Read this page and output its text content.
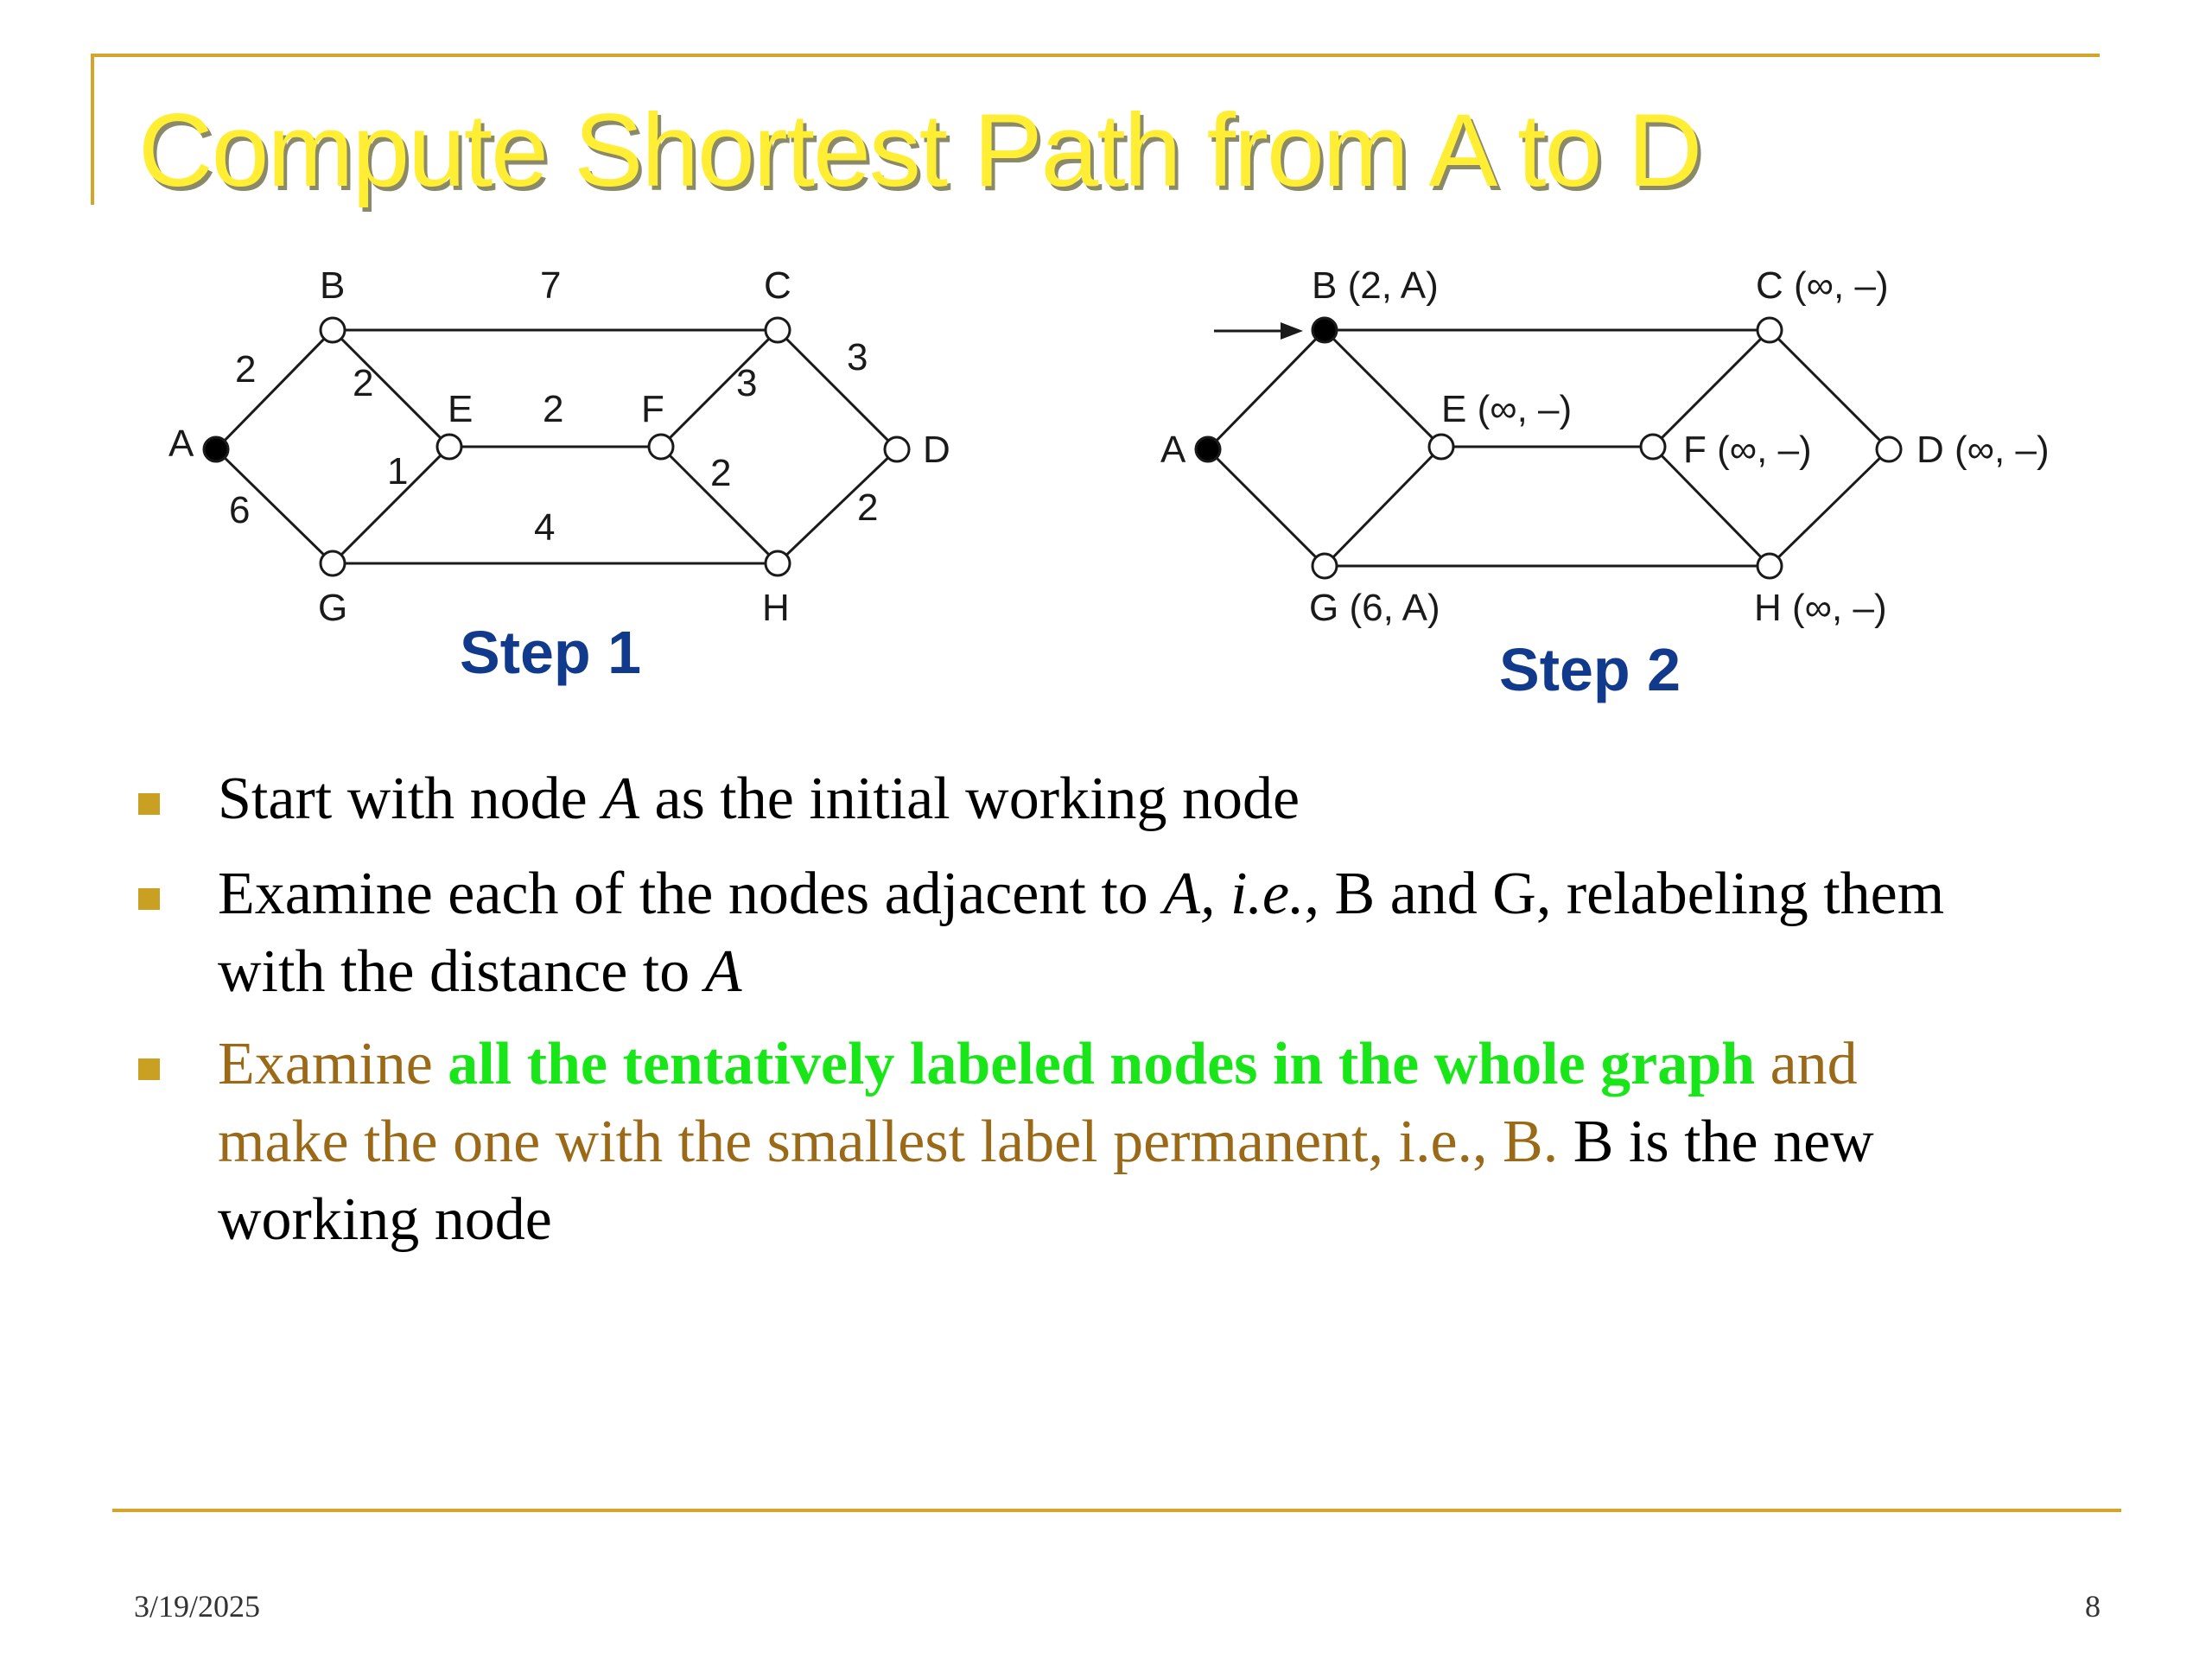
Compute Shortest Path from A to D
A
B	C
D
E	F
G	H
2
6
7
2
1
2
4
3
2
3
2
A
B (2, A)	C (∞, –)
D (∞, –)
E (∞, –)
F (∞, –)
G (6, A)	H (∞, –)
Step 1	Step 2
Start with node A as the initial working node
Examine each of the nodes adjacent to A, i.e., B and G, relabeling them
with the distance to A
Examine all the tentatively labeled nodes in the whole graph and
make the one with the smallest label permanent, i.e., B. B is the new
working node
3/19/2025	8
